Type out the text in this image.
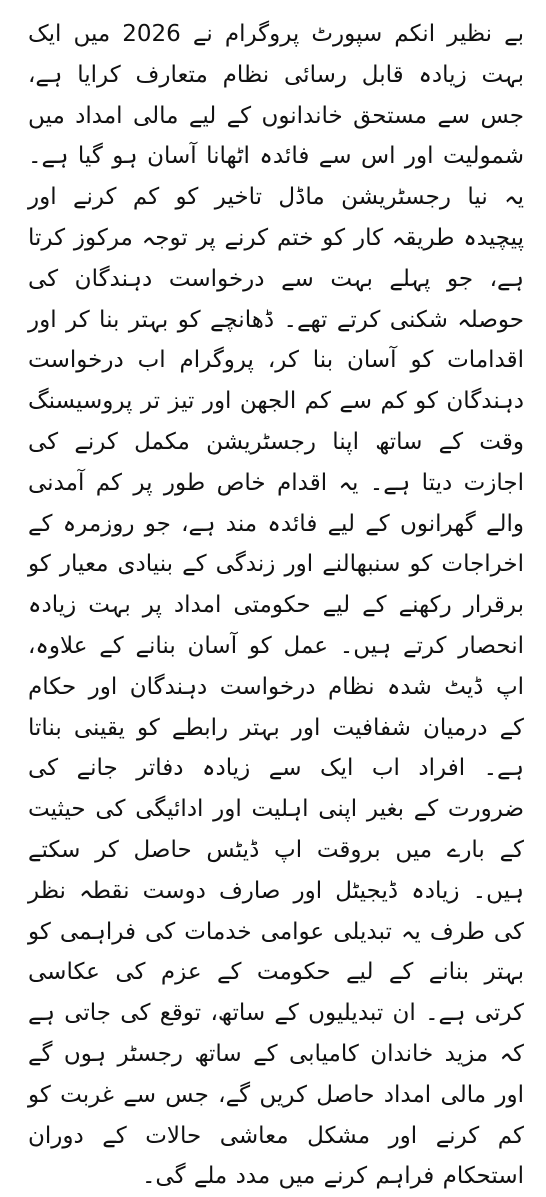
بے نظیر انکم سپورٹ پروگرام نے 2026 میں ایک بہت زیادہ قابل رسائی نظام متعارف کرایا ہے، جس سے مستحق خاندانوں کے لیے مالی امداد میں شمولیت اور اس سے فائدہ اٹھانا آسان ہو گیا ہے۔ یہ نیا رجسٹریشن ماڈل تاخیر کو کم کرنے اور پیچیدہ طریقہ کار کو ختم کرنے پر توجہ مرکوز کرتا ہے، جو پہلے بہت سے درخواست دہندگان کی حوصلہ شکنی کرتے تھے۔ ڈھانچے کو بہتر بنا کر اور اقدامات کو آسان بنا کر، پروگرام اب درخواست دہندگان کو کم سے کم الجھن اور تیز تر پروسیسنگ وقت کے ساتھ اپنا رجسٹریشن مکمل کرنے کی اجازت دیتا ہے۔ یہ اقدام خاص طور پر کم آمدنی والے گھرانوں کے لیے فائدہ مند ہے، جو روزمرہ کے اخراجات کو سنبھالنے اور زندگی کے بنیادی معیار کو برقرار رکھنے کے لیے حکومتی امداد پر بہت زیادہ انحصار کرتے ہیں۔ عمل کو آسان بنانے کے علاوہ، اپ ڈیٹ شدہ نظام درخواست دہندگان اور حکام کے درمیان شفافیت اور بہتر رابطے کو یقینی بناتا ہے۔ افراد اب ایک سے زیادہ دفاتر جانے کی ضرورت کے بغیر اپنی اہلیت اور ادائیگی کی حیثیت کے بارے میں بروقت اپ ڈیٹس حاصل کر سکتے ہیں۔ زیادہ ڈیجیٹل اور صارف دوست نقطہ نظر کی طرف یہ تبدیلی عوامی خدمات کی فراہمی کو بہتر بنانے کے لیے حکومت کے عزم کی عکاسی کرتی ہے۔ ان تبدیلیوں کے ساتھ، توقع کی جاتی ہے کہ مزید خاندان کامیابی کے ساتھ رجسٹر ہوں گے اور مالی امداد حاصل کریں گے، جس سے غربت کو کم کرنے اور مشکل معاشی حالات کے دوران استحکام فراہم کرنے میں مدد ملے گی۔
